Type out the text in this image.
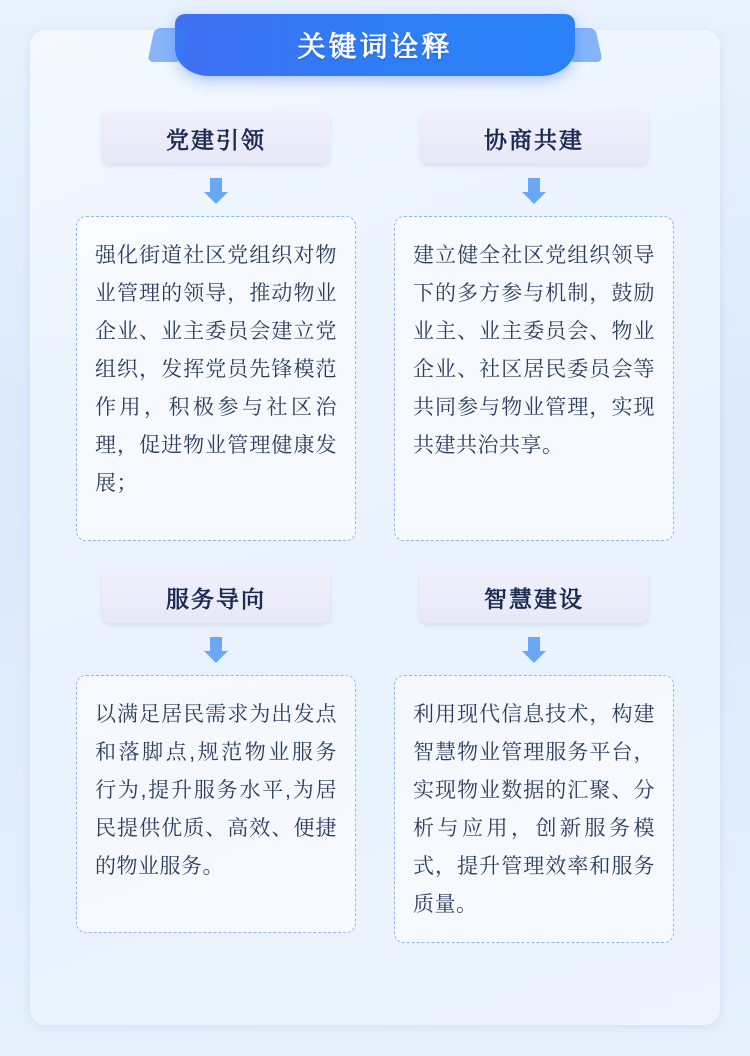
关键词诠释
党建引领

强化街道社区党组织对物业管理的领导，推动物业企业、业主委员会建立党组织，发挥党员先锋模范作用，积极参与社区治理，促进物业管理健康发展；

协商共建

建立健全社区党组织领导下的多方参与机制，鼓励业主、业主委员会、物业企业、社区居民委员会等共同参与物业管理，实现共建共治共享。

服务导向

以满足居民需求为出发点和落脚点,规范物业服务行为,提升服务水平,为居民提供优质、高效、便捷的物业服务。

智慧建设

利用现代信息技术，构建智慧物业管理服务平台，实现物业数据的汇聚、分析与应用，创新服务模式，提升管理效率和服务质量。
